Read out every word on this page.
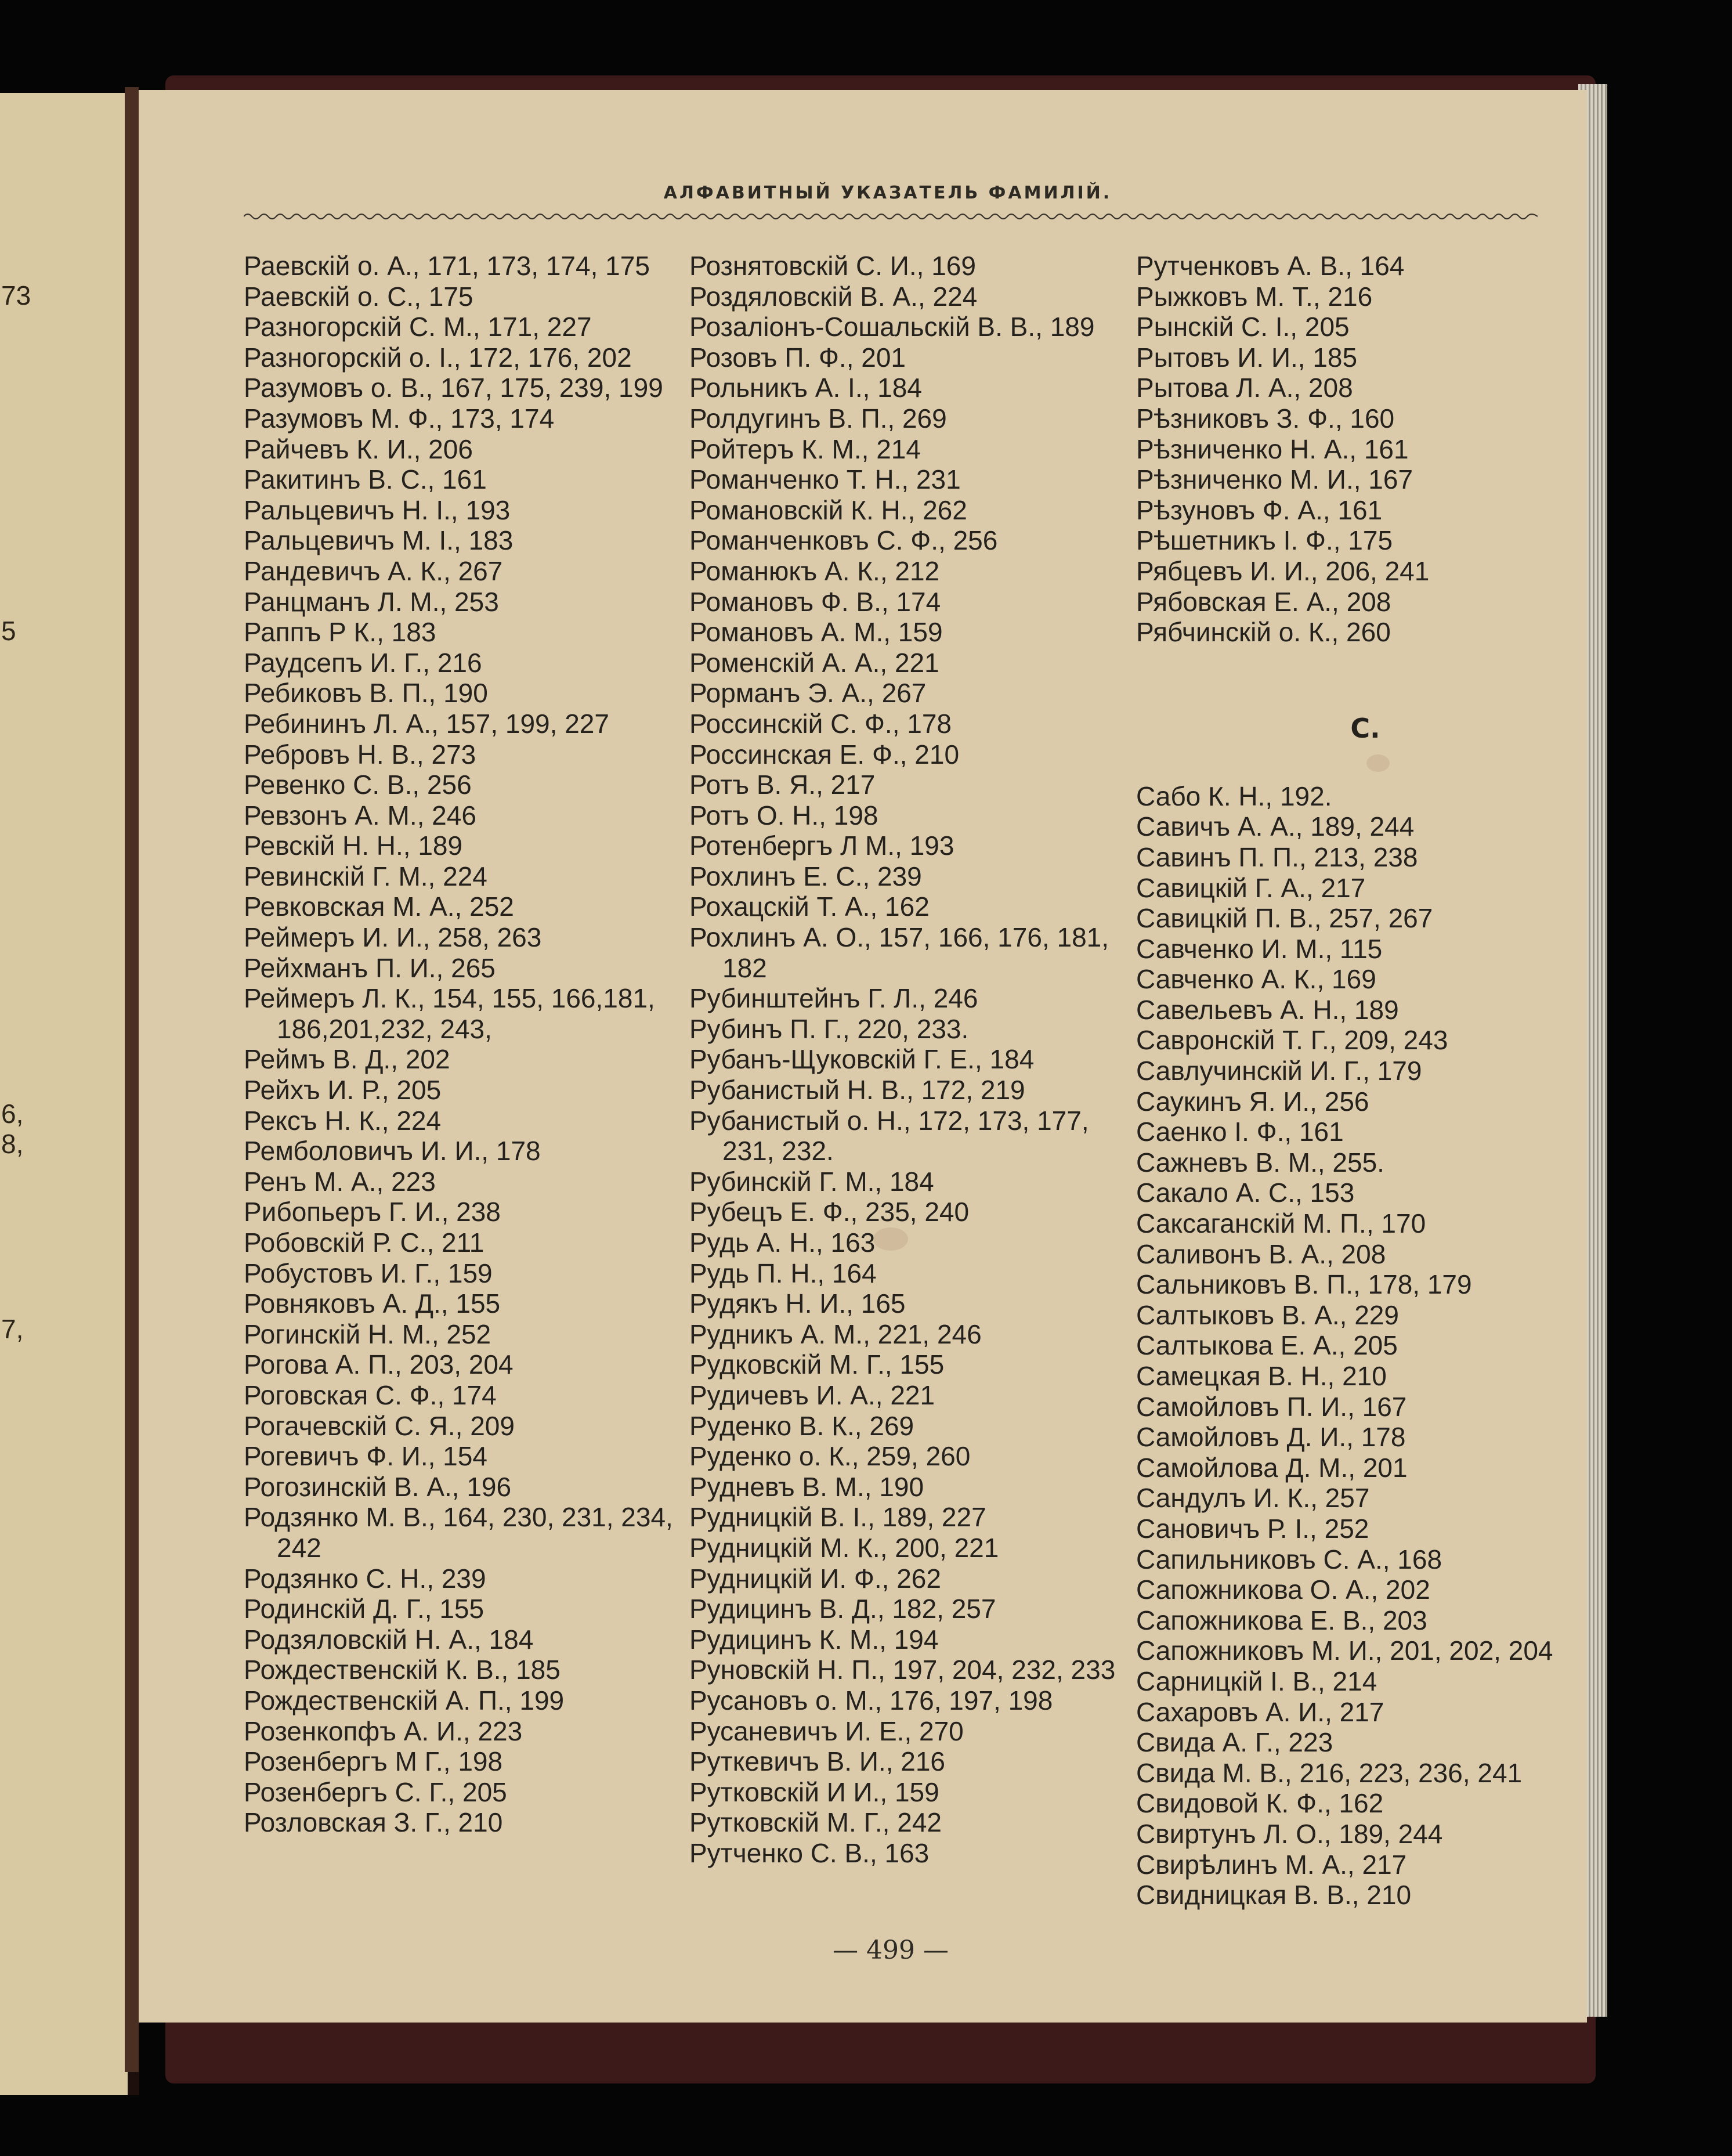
73
5
6,
8,
7,
АЛФАВИТНЫЙ УКАЗАТЕЛЬ ФАМИЛІЙ.
Раевскій о. А., 171, 173, 174, 175
Раевскій о. С., 175
Разногорскій С. М., 171, 227
Разногорскій о. I., 172, 176, 202
Разумовъ о. В., 167, 175, 239, 199
Разумовъ М. Ф., 173, 174
Райчевъ К. И., 206
Ракитинъ В. С., 161
Ральцевичъ Н. I., 193
Ральцевичъ М. I., 183
Рандевичъ А. К., 267
Ранцманъ Л. М., 253
Раппъ Р К., 183
Раудсепъ И. Г., 216
Ребиковъ В. П., 190
Ребининъ Л. А., 157, 199, 227
Ребровъ Н. В., 273
Ревенко С. В., 256
Ревзонъ А. М., 246
Ревскій Н. Н., 189
Ревинскій Г. М., 224
Ревковская М. А., 252
Реймеръ И. И., 258, 263
Рейхманъ П. И., 265
Реймеръ Л. К., 154, 155, 166,181, 186,201,232, 243,
Реймъ В. Д., 202
Рейхъ И. Р., 205
Рексъ Н. К., 224
Ремболовичъ И. И., 178
Ренъ М. А., 223
Рибопьеръ Г. И., 238
Робовскій Р. С., 211
Робустовъ И. Г., 159
Ровняковъ А. Д., 155
Рогинскій Н. М., 252
Рогова А. П., 203, 204
Роговская С. Ф., 174
Рогачевскій С. Я., 209
Рогевичъ Ф. И., 154
Рогозинскій В. А., 196
Родзянко М. В., 164, 230, 231, 234, 242
Родзянко С. Н., 239
Родинскій Д. Г., 155
Родзяловскій Н. А., 184
Рождественскій К. В., 185
Рождественскій А. П., 199
Розенкопфъ А. И., 223
Розенбергъ М Г., 198
Розенбергъ С. Г., 205
Розловская З. Г., 210
Рознятовскій С. И., 169
Роздяловскій В. А., 224
Розаліонъ-Сошальскій В. В., 189
Розовъ П. Ф., 201
Рольникъ А. I., 184
Ролдугинъ В. П., 269
Ройтеръ К. М., 214
Романченко Т. Н., 231
Романовскій К. Н., 262
Романченковъ С. Ф., 256
Романюкъ А. К., 212
Романовъ Ф. В., 174
Романовъ А. М., 159
Роменскій А. А., 221
Рорманъ Э. А., 267
Россинскій С. Ф., 178
Россинская Е. Ф., 210
Ротъ В. Я., 217
Ротъ О. Н., 198
Ротенбергъ Л М., 193
Рохлинъ Е. С., 239
Рохацскій Т. А., 162
Рохлинъ А. О., 157, 166, 176, 181, 182
Рубинштейнъ Г. Л., 246
Рубинъ П. Г., 220, 233.
Рубанъ-Щуковскій Г. Е., 184
Рубанистый Н. В., 172, 219
Рубанистый о. Н., 172, 173, 177, 231, 232.
Рубинскій Г. М., 184
Рубецъ Е. Ф., 235, 240
Рудь А. Н., 163
Рудь П. Н., 164
Рудякъ Н. И., 165
Рудникъ А. М., 221, 246
Рудковскій М. Г., 155
Рудичевъ И. А., 221
Руденко В. К., 269
Руденко о. К., 259, 260
Рудневъ В. М., 190
Рудницкій В. I., 189, 227
Рудницкій М. К., 200, 221
Рудницкій И. Ф., 262
Рудицинъ В. Д., 182, 257
Рудицинъ К. М., 194
Руновскій Н. П., 197, 204, 232, 233
Русановъ о. М., 176, 197, 198
Русаневичъ И. Е., 270
Руткевичъ В. И., 216
Рутковскій И И., 159
Рутковскій М. Г., 242
Рутченко С. В., 163
Рутченковъ А. В., 164
Рыжковъ М. Т., 216
Рынскій С. I., 205
Рытовъ И. И., 185
Рытова Л. А., 208
Рѣзниковъ З. Ф., 160
Рѣзниченко Н. А., 161
Рѣзниченко М. И., 167
Рѣзуновъ Ф. А., 161
Рѣшетникъ I. Ф., 175
Рябцевъ И. И., 206, 241
Рябовская Е. А., 208
Рябчинскій о. К., 260
С.
Сабо К. Н., 192.
Савичъ А. А., 189, 244
Савинъ П. П., 213, 238
Савицкій Г. А., 217
Савицкій П. В., 257, 267
Савченко И. М., 115
Савченко А. К., 169
Савельевъ А. Н., 189
Савронскій Т. Г., 209, 243
Савлучинскій И. Г., 179
Саукинъ Я. И., 256
Саенко I. Ф., 161
Сажневъ В. М., 255.
Сакало А. С., 153
Саксаганскій М. П., 170
Саливонъ В. А., 208
Сальниковъ В. П., 178, 179
Салтыковъ В. А., 229
Салтыкова Е. А., 205
Самецкая В. Н., 210
Самойловъ П. И., 167
Самойловъ Д. И., 178
Самойлова Д. М., 201
Сандулъ И. К., 257
Сановичъ Р. I., 252
Сапильниковъ С. А., 168
Сапожникова О. А., 202
Сапожникова Е. В., 203
Сапожниковъ М. И., 201, 202, 204
Сарницкій I. В., 214
Сахаровъ А. И., 217
Свида А. Г., 223
Свида М. В., 216, 223, 236, 241
Свидовой К. Ф., 162
Свиртунъ Л. О., 189, 244
Свирѣлинъ М. А., 217
Свидницкая В. В., 210
— 499 —
